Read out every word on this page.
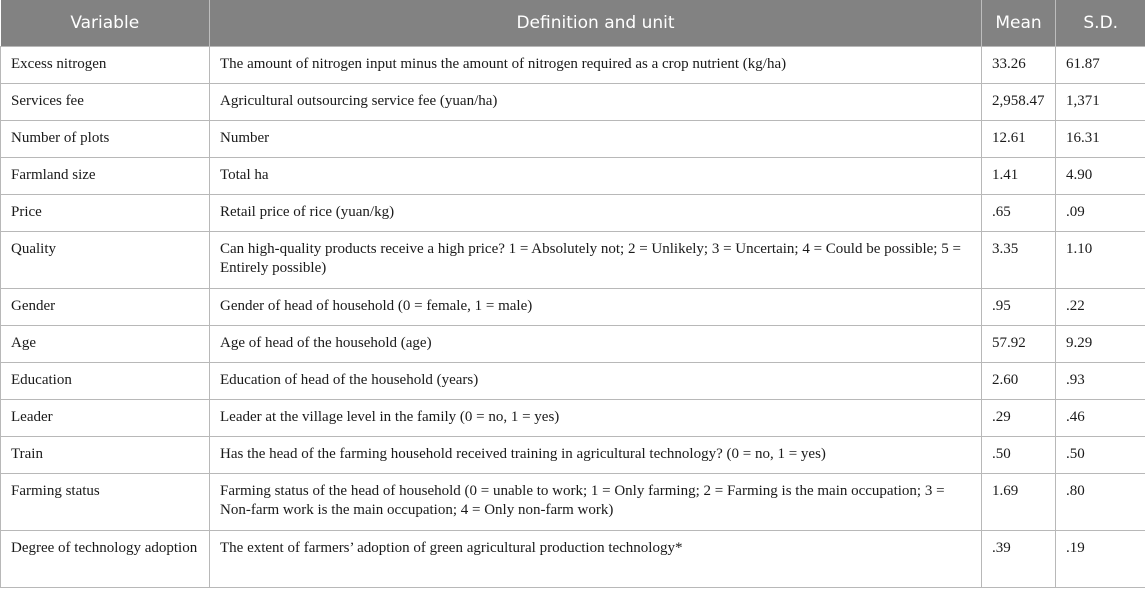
Variable	Definition and unit	Mean	S.D.
Excess nitrogen	The amount of nitrogen input minus the amount of nitrogen required as a crop nutrient (kg/ha)	33.26	61.87
Services fee	Agricultural outsourcing service fee (yuan/ha)	2,958.47	1,371
Number of plots	Number	12.61	16.31
Farmland size	Total ha	1.41	4.90
Price	Retail price of rice (yuan/kg)	.65	.09
Quality	Can high-quality products receive a high price? 1 = Absolutely not; 2 = Unlikely; 3 = Uncertain; 4 = Could be possible; 5 = Entirely possible)	3.35	1.10
Gender	Gender of head of household (0 = female, 1 = male)	.95	.22
Age	Age of head of the household (age)	57.92	9.29
Education	Education of head of the household (years)	2.60	.93
Leader	Leader at the village level in the family (0 = no, 1 = yes)	.29	.46
Train	Has the head of the farming household received training in agricultural technology? (0 = no, 1 = yes)	.50	.50
Farming status	Farming status of the head of household (0 = unable to work; 1 = Only farming; 2 = Farming is the main occupation; 3 = Non-farm work is the main occupation; 4 = Only non-farm work)	1.69	.80
Degree of technology adoption	The extent of farmers’ adoption of green agricultural production technology*	.39	.19
